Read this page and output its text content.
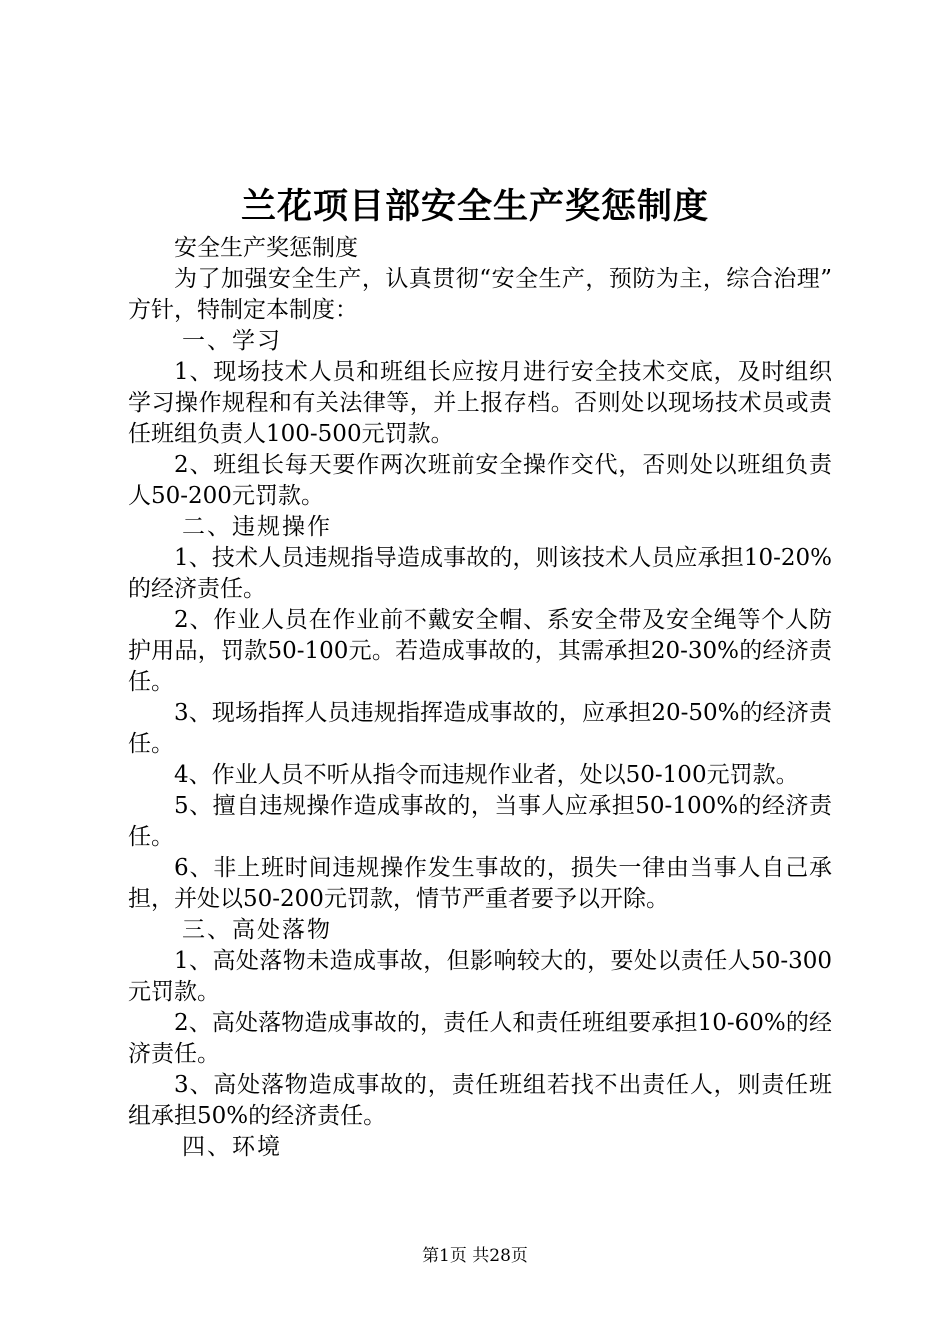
兰花项目部安全生产奖惩制度

安全生产奖惩制度

为了加强安全生产，认真贯彻“安全生产，预防为主，综合治理”方针，特制定本制度：

一、学习

1、现场技术人员和班组长应按月进行安全技术交底，及时组织学习操作规程和有关法律等，并上报存档。否则处以现场技术员或责任班组负责人100-500元罚款。

2、班组长每天要作两次班前安全操作交代，否则处以班组负责人50-200元罚款。

二、违规操作

1、技术人员违规指导造成事故的，则该技术人员应承担10-20%的经济责任。

2、作业人员在作业前不戴安全帽、系安全带及安全绳等个人防护用品，罚款50-100元。若造成事故的，其需承担20-30%的经济责任。

3、现场指挥人员违规指挥造成事故的，应承担20-50%的经济责任。

4、作业人员不听从指令而违规作业者，处以50-100元罚款。

5、擅自违规操作造成事故的，当事人应承担50-100%的经济责任。

6、非上班时间违规操作发生事故的，损失一律由当事人自己承担，并处以50-200元罚款，情节严重者要予以开除。

三、高处落物

1、高处落物未造成事故，但影响较大的，要处以责任人50-300元罚款。

2、高处落物造成事故的，责任人和责任班组要承担10-60%的经济责任。

3、高处落物造成事故的，责任班组若找不出责任人，则责任班组承担50%的经济责任。

四、环境

第1页 共28页
